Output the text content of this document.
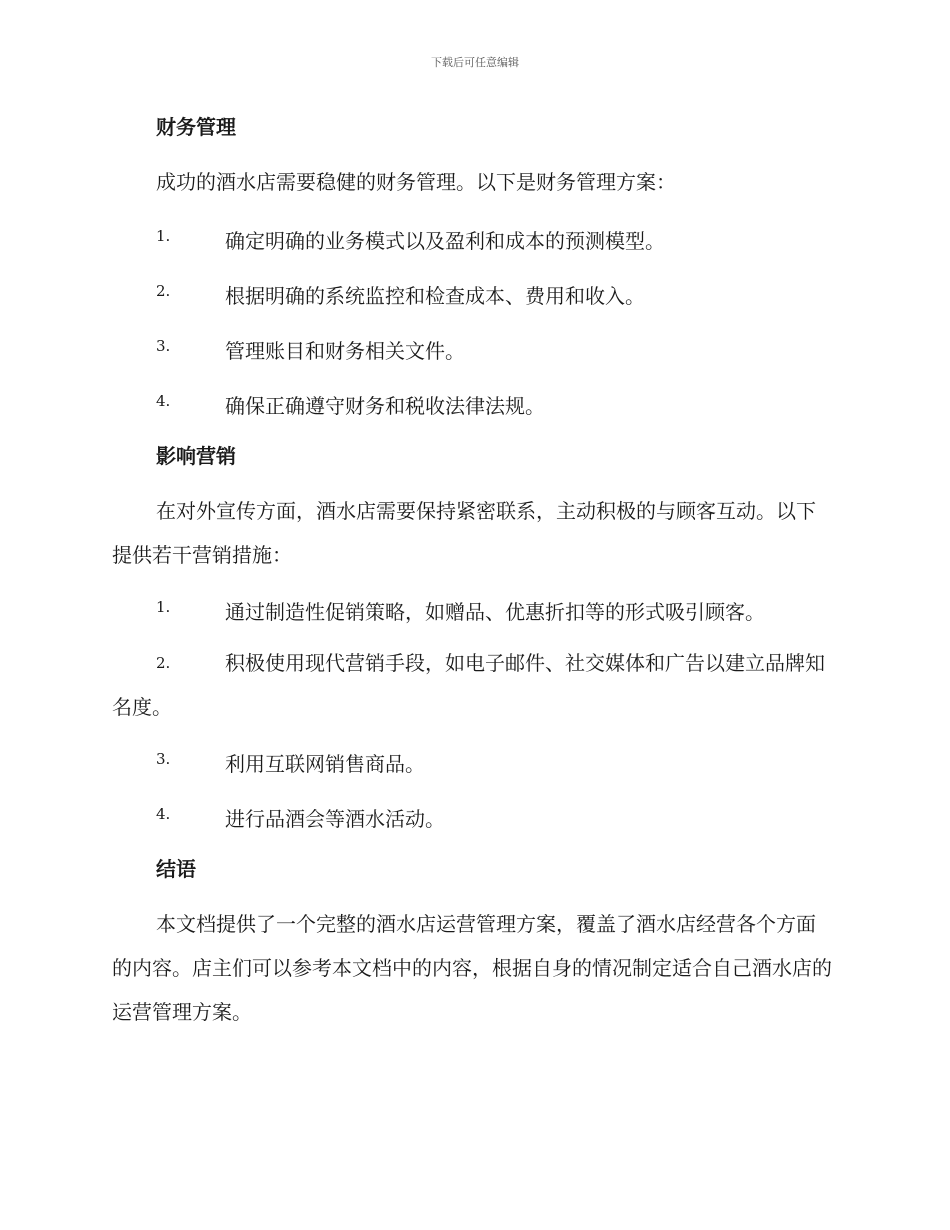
下载后可任意编辑
财务管理
成功的酒水店需要稳健的财务管理。以下是财务管理方案：
1.	确定明确的业务模式以及盈利和成本的预测模型。
2.	根据明确的系统监控和检查成本、费用和收入。
3.	管理账目和财务相关文件。
4.	确保正确遵守财务和税收法律法规。
影响营销
在对外宣传方面，酒水店需要保持紧密联系，主动积极的与顾客互动。以下提供若干营销措施：
1.	通过制造性促销策略，如赠品、优惠折扣等的形式吸引顾客。
2.	积极使用现代营销手段，如电子邮件、社交媒体和广告以建立品牌知名度。
3.	利用互联网销售商品。
4.	进行品酒会等酒水活动。
结语
本文档提供了一个完整的酒水店运营管理方案，覆盖了酒水店经营各个方面的内容。店主们可以参考本文档中的内容，根据自身的情况制定适合自己酒水店的运营管理方案。
